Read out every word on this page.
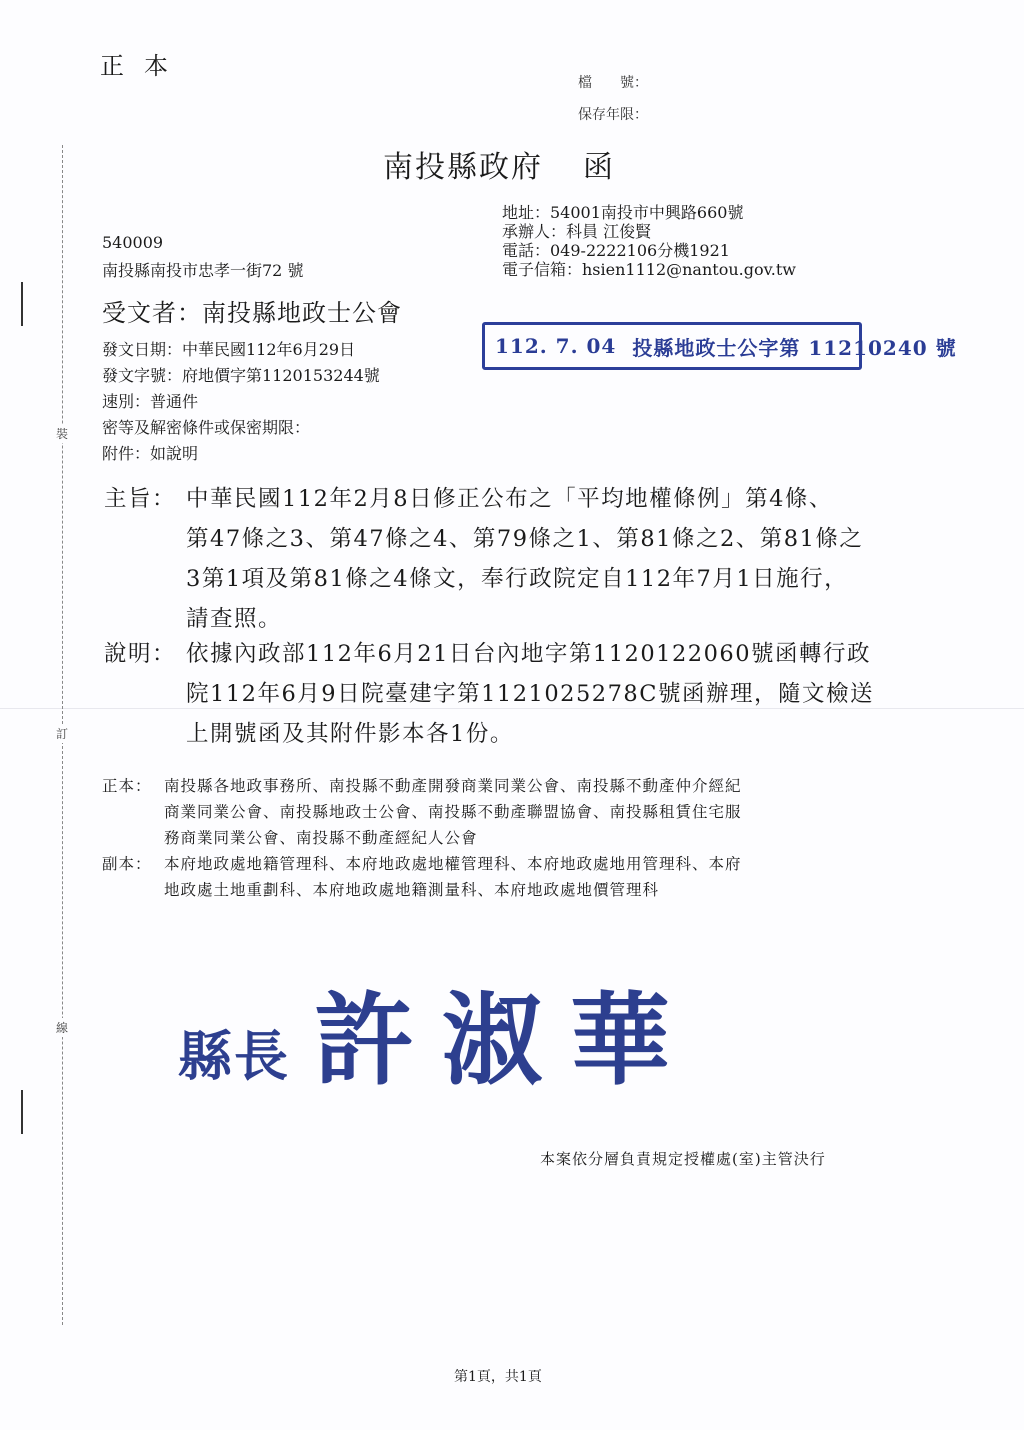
裝
訂
線
正本
檔　　號：
保存年限：
南投縣政府 函
地址：54001南投市中興路660號
承辦人：科員 江俊賢
電話：049-2222106分機1921
電子信箱：hsien1112@nantou.gov.tw
540009
南投縣南投市忠孝一街72 號
受文者：南投縣地政士公會
發文日期：中華民國112年6月29日
發文字號：府地價字第1120153244號
速別：普通件
密等及解密條件或保密期限：
附件：如說明
112. 7. 04 投縣地政士公字第 11210240 號
主旨： 中華民國112年2月8日修正公布之「平均地權條例」第4條、
第47條之3、第47條之4、第79條之1、第81條之2、第81條之
3第1項及第81條之4條文，奉行政院定自112年7月1日施行，
請查照。
說明： 依據內政部112年6月21日台內地字第1120122060號函轉行政
院112年6月9日院臺建字第1121025278C號函辦理，隨文檢送
上開號函及其附件影本各1份。
正本： 南投縣各地政事務所、南投縣不動產開發商業同業公會、南投縣不動產仲介經紀
商業同業公會、南投縣地政士公會、南投縣不動產聯盟協會、南投縣租賃住宅服
務商業同業公會、南投縣不動產經紀人公會
副本： 本府地政處地籍管理科、本府地政處地權管理科、本府地政處地用管理科、本府
地政處土地重劃科、本府地政處地籍測量科、本府地政處地價管理科
縣長 許淑華
本案依分層負責規定授權處(室)主管決行
第1頁，共1頁
